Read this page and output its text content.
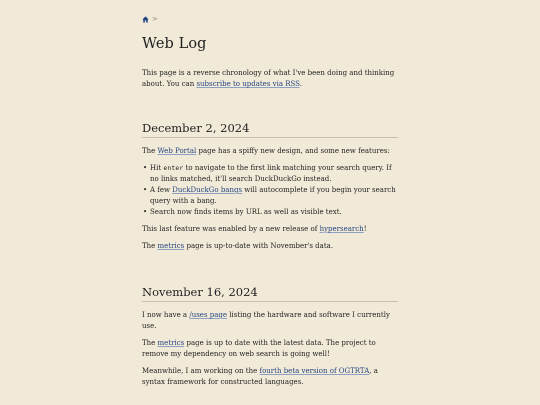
>
Web Log

This page is a reverse chronology of what I've been doing and thinking about. You can subscribe to updates via RSS.

December 2, 2024

The Web Portal page has a spiffy new design, and some new features:

• Hit enter to navigate to the first link matching your search query. If no links matched, it'll search DuckDuckGo instead.
• A few DuckDuckGo bangs will autocomplete if you begin your search query with a bang.
• Search now finds items by URL as well as visible text.

This last feature was enabled by a new release of hypersearch!

The metrics page is up-to-date with November's data.

November 16, 2024

I now have a /uses page listing the hardware and software I currently use.

The metrics page is up to date with the latest data. The project to remove my dependency on web search is going well!

Meanwhile, I am working on the fourth beta version of OGTRTA, a syntax framework for constructed languages.
